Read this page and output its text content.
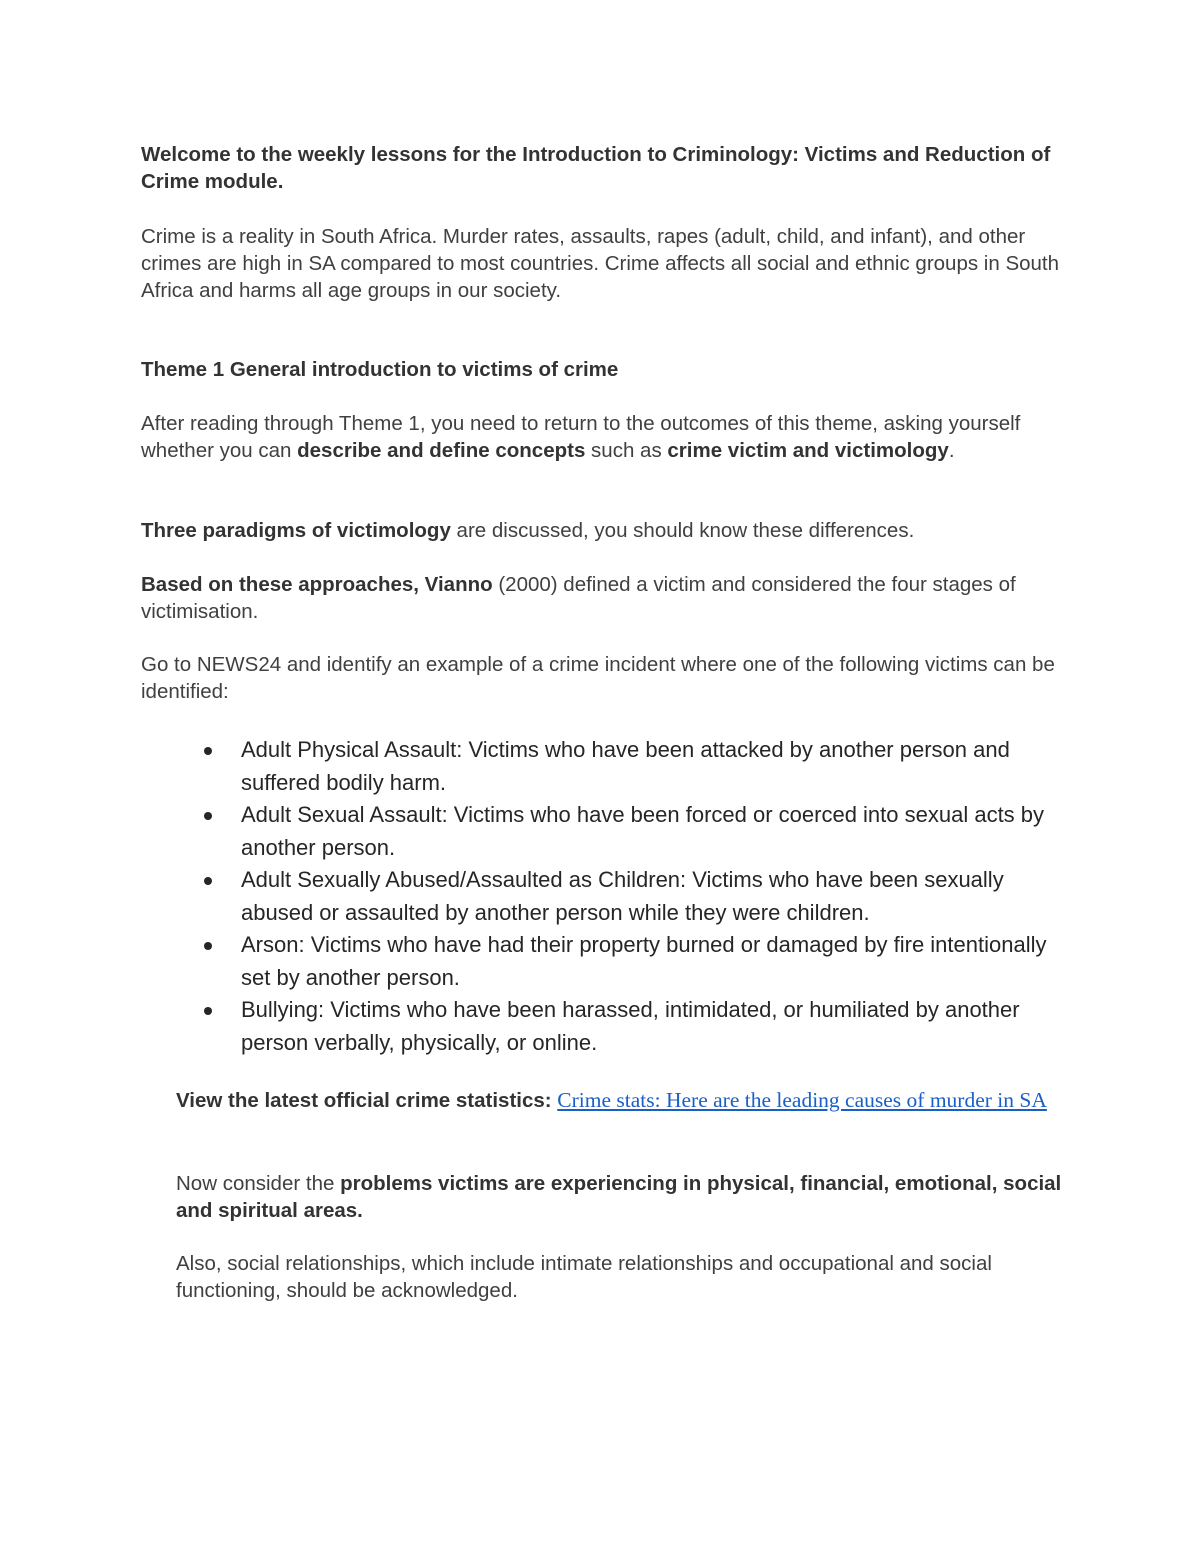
Welcome to the weekly lessons for the Introduction to Criminology: Victims and Reduction of Crime module.

Crime is a reality in South Africa. Murder rates, assaults, rapes (adult, child, and infant), and other crimes are high in SA compared to most countries. Crime affects all social and ethnic groups in South Africa and harms all age groups in our society.

Theme 1 General introduction to victims of crime

After reading through Theme 1, you need to return to the outcomes of this theme, asking yourself whether you can describe and define concepts such as crime victim and victimology.

Three paradigms of victimology are discussed, you should know these differences.

Based on these approaches, Vianno (2000) defined a victim and considered the four stages of victimisation.

Go to NEWS24 and identify an example of a crime incident where one of the following victims can be identified:

Adult Physical Assault: Victims who have been attacked by another person and suffered bodily harm.
Adult Sexual Assault: Victims who have been forced or coerced into sexual acts by another person.
Adult Sexually Abused/Assaulted as Children: Victims who have been sexually abused or assaulted by another person while they were children.
Arson: Victims who have had their property burned or damaged by fire intentionally set by another person.
Bullying: Victims who have been harassed, intimidated, or humiliated by another person verbally, physically, or online.

View the latest official crime statistics: Crime stats: Here are the leading causes of murder in SA

Now consider the problems victims are experiencing in physical, financial, emotional, social and spiritual areas.

Also, social relationships, which include intimate relationships and occupational and social functioning, should be acknowledged.
